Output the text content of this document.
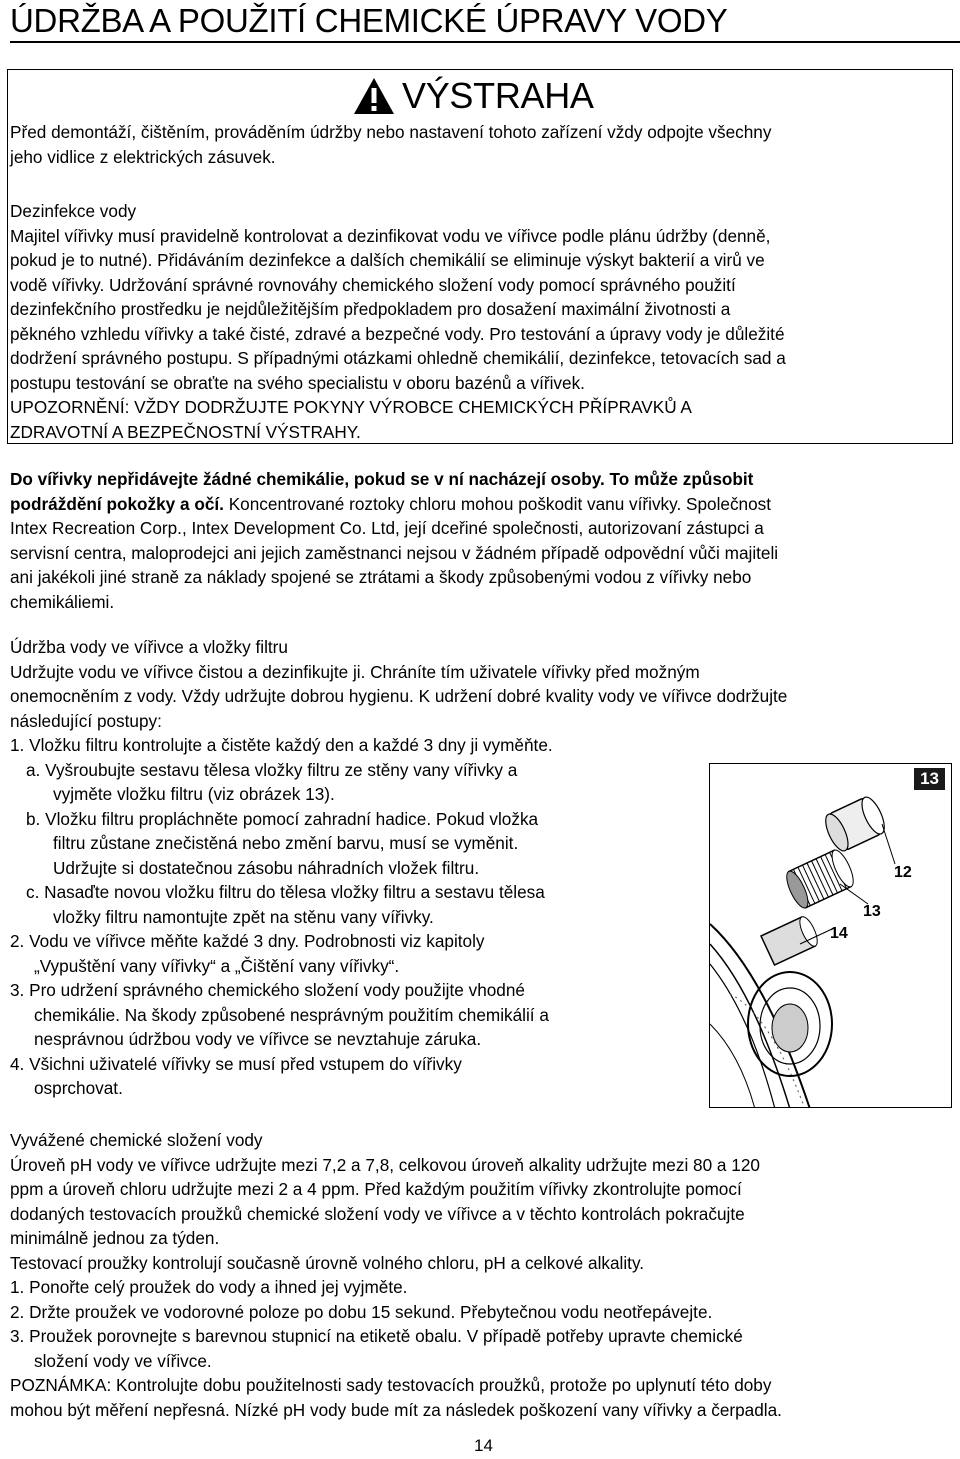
ÚDRŽBA A POUŽITÍ CHEMICKÉ ÚPRAVY VODY
VÝSTRAHA
Před demontáží, čištěním, prováděním údržby nebo nastavení tohoto zařízení vždy odpojte všechny
jeho vidlice z elektrických zásuvek.
Dezinfekce vody
Majitel vířivky musí pravidelně kontrolovat a dezinfikovat vodu ve vířivce podle plánu údržby (denně,
pokud je to nutné). Přidáváním dezinfekce a dalších chemikálií se eliminuje výskyt bakterií a virů ve
vodě vířivky. Udržování správné rovnováhy chemického složení vody pomocí správného použití
dezinfekčního prostředku je nejdůležitějším předpokladem pro dosažení maximální životnosti a
pěkného vzhledu vířivky a také čisté, zdravé a bezpečné vody. Pro testování a úpravy vody je důležité
dodržení správného postupu. S případnými otázkami ohledně chemikálií, dezinfekce, tetovacích sad a
postupu testování se obraťte na svého specialistu v oboru bazénů a vířivek.
UPOZORNĚNÍ: VŽDY DODRŽUJTE POKYNY VÝROBCE CHEMICKÝCH PŘÍPRAVKŮ A
ZDRAVOTNÍ A BEZPEČNOSTNÍ VÝSTRAHY.
Do vířivky nepřidávejte žádné chemikálie, pokud se v ní nacházejí osoby. To může způsobit
podráždění pokožky a očí. Koncentrované roztoky chloru mohou poškodit vanu vířivky. Společnost
Intex Recreation Corp., Intex Development Co. Ltd, její dceřiné společnosti, autorizovaní zástupci a
servisní centra, maloprodejci ani jejich zaměstnanci nejsou v žádném případě odpovědní vůči majiteli
ani jakékoli jiné straně za náklady spojené se ztrátami a škody způsobenými vodou z vířivky nebo
chemikáliemi.
Údržba vody ve vířivce a vložky filtru
Udržujte vodu ve vířivce čistou a dezinfikujte ji. Chráníte tím uživatele vířivky před možným
onemocněním z vody. Vždy udržujte dobrou hygienu. K udržení dobré kvality vody ve vířivce dodržujte
následující postupy:
1. Vložku filtru kontrolujte a čistěte každý den a každé 3 dny ji vyměňte.
a. Vyšroubujte sestavu tělesa vložky filtru ze stěny vany vířivky a
vyjměte vložku filtru (viz obrázek 13).
b. Vložku filtru propláchněte pomocí zahradní hadice. Pokud vložka
filtru zůstane znečistěná nebo změní barvu, musí se vyměnit.
Udržujte si dostatečnou zásobu náhradních vložek filtru.
c. Nasaďte novou vložku filtru do tělesa vložky filtru a sestavu tělesa
vložky filtru namontujte zpět na stěnu vany vířivky.
2. Vodu ve vířivce měňte každé 3 dny. Podrobnosti viz kapitoly
„Vypuštění vany vířivky“ a „Čištění vany vířivky“.
3. Pro udržení správného chemického složení vody použijte vhodné
chemikálie. Na škody způsobené nesprávným použitím chemikálií a
nesprávnou údržbou vody ve vířivce se nevztahuje záruka.
4. Všichni uživatelé vířivky se musí před vstupem do vířivky
osprchovat.
13
12
13
14
Vyvážené chemické složení vody
Úroveň pH vody ve vířivce udržujte mezi 7,2 a 7,8, celkovou úroveň alkality udržujte mezi 80 a 120
ppm a úroveň chloru udržujte mezi 2 a 4 ppm. Před každým použitím vířivky zkontrolujte pomocí
dodaných testovacích proužků chemické složení vody ve vířivce a v těchto kontrolách pokračujte
minimálně jednou za týden.
Testovací proužky kontrolují současně úrovně volného chloru, pH a celkové alkality.
1. Ponořte celý proužek do vody a ihned jej vyjměte.
2. Držte proužek ve vodorovné poloze po dobu 15 sekund. Přebytečnou vodu neotřepávejte.
3. Proužek porovnejte s barevnou stupnicí na etiketě obalu. V případě potřeby upravte chemické
složení vody ve vířivce.
POZNÁMKA: Kontrolujte dobu použitelnosti sady testovacích proužků, protože po uplynutí této doby
mohou být měření nepřesná. Nízké pH vody bude mít za následek poškození vany vířivky a čerpadla.
14
